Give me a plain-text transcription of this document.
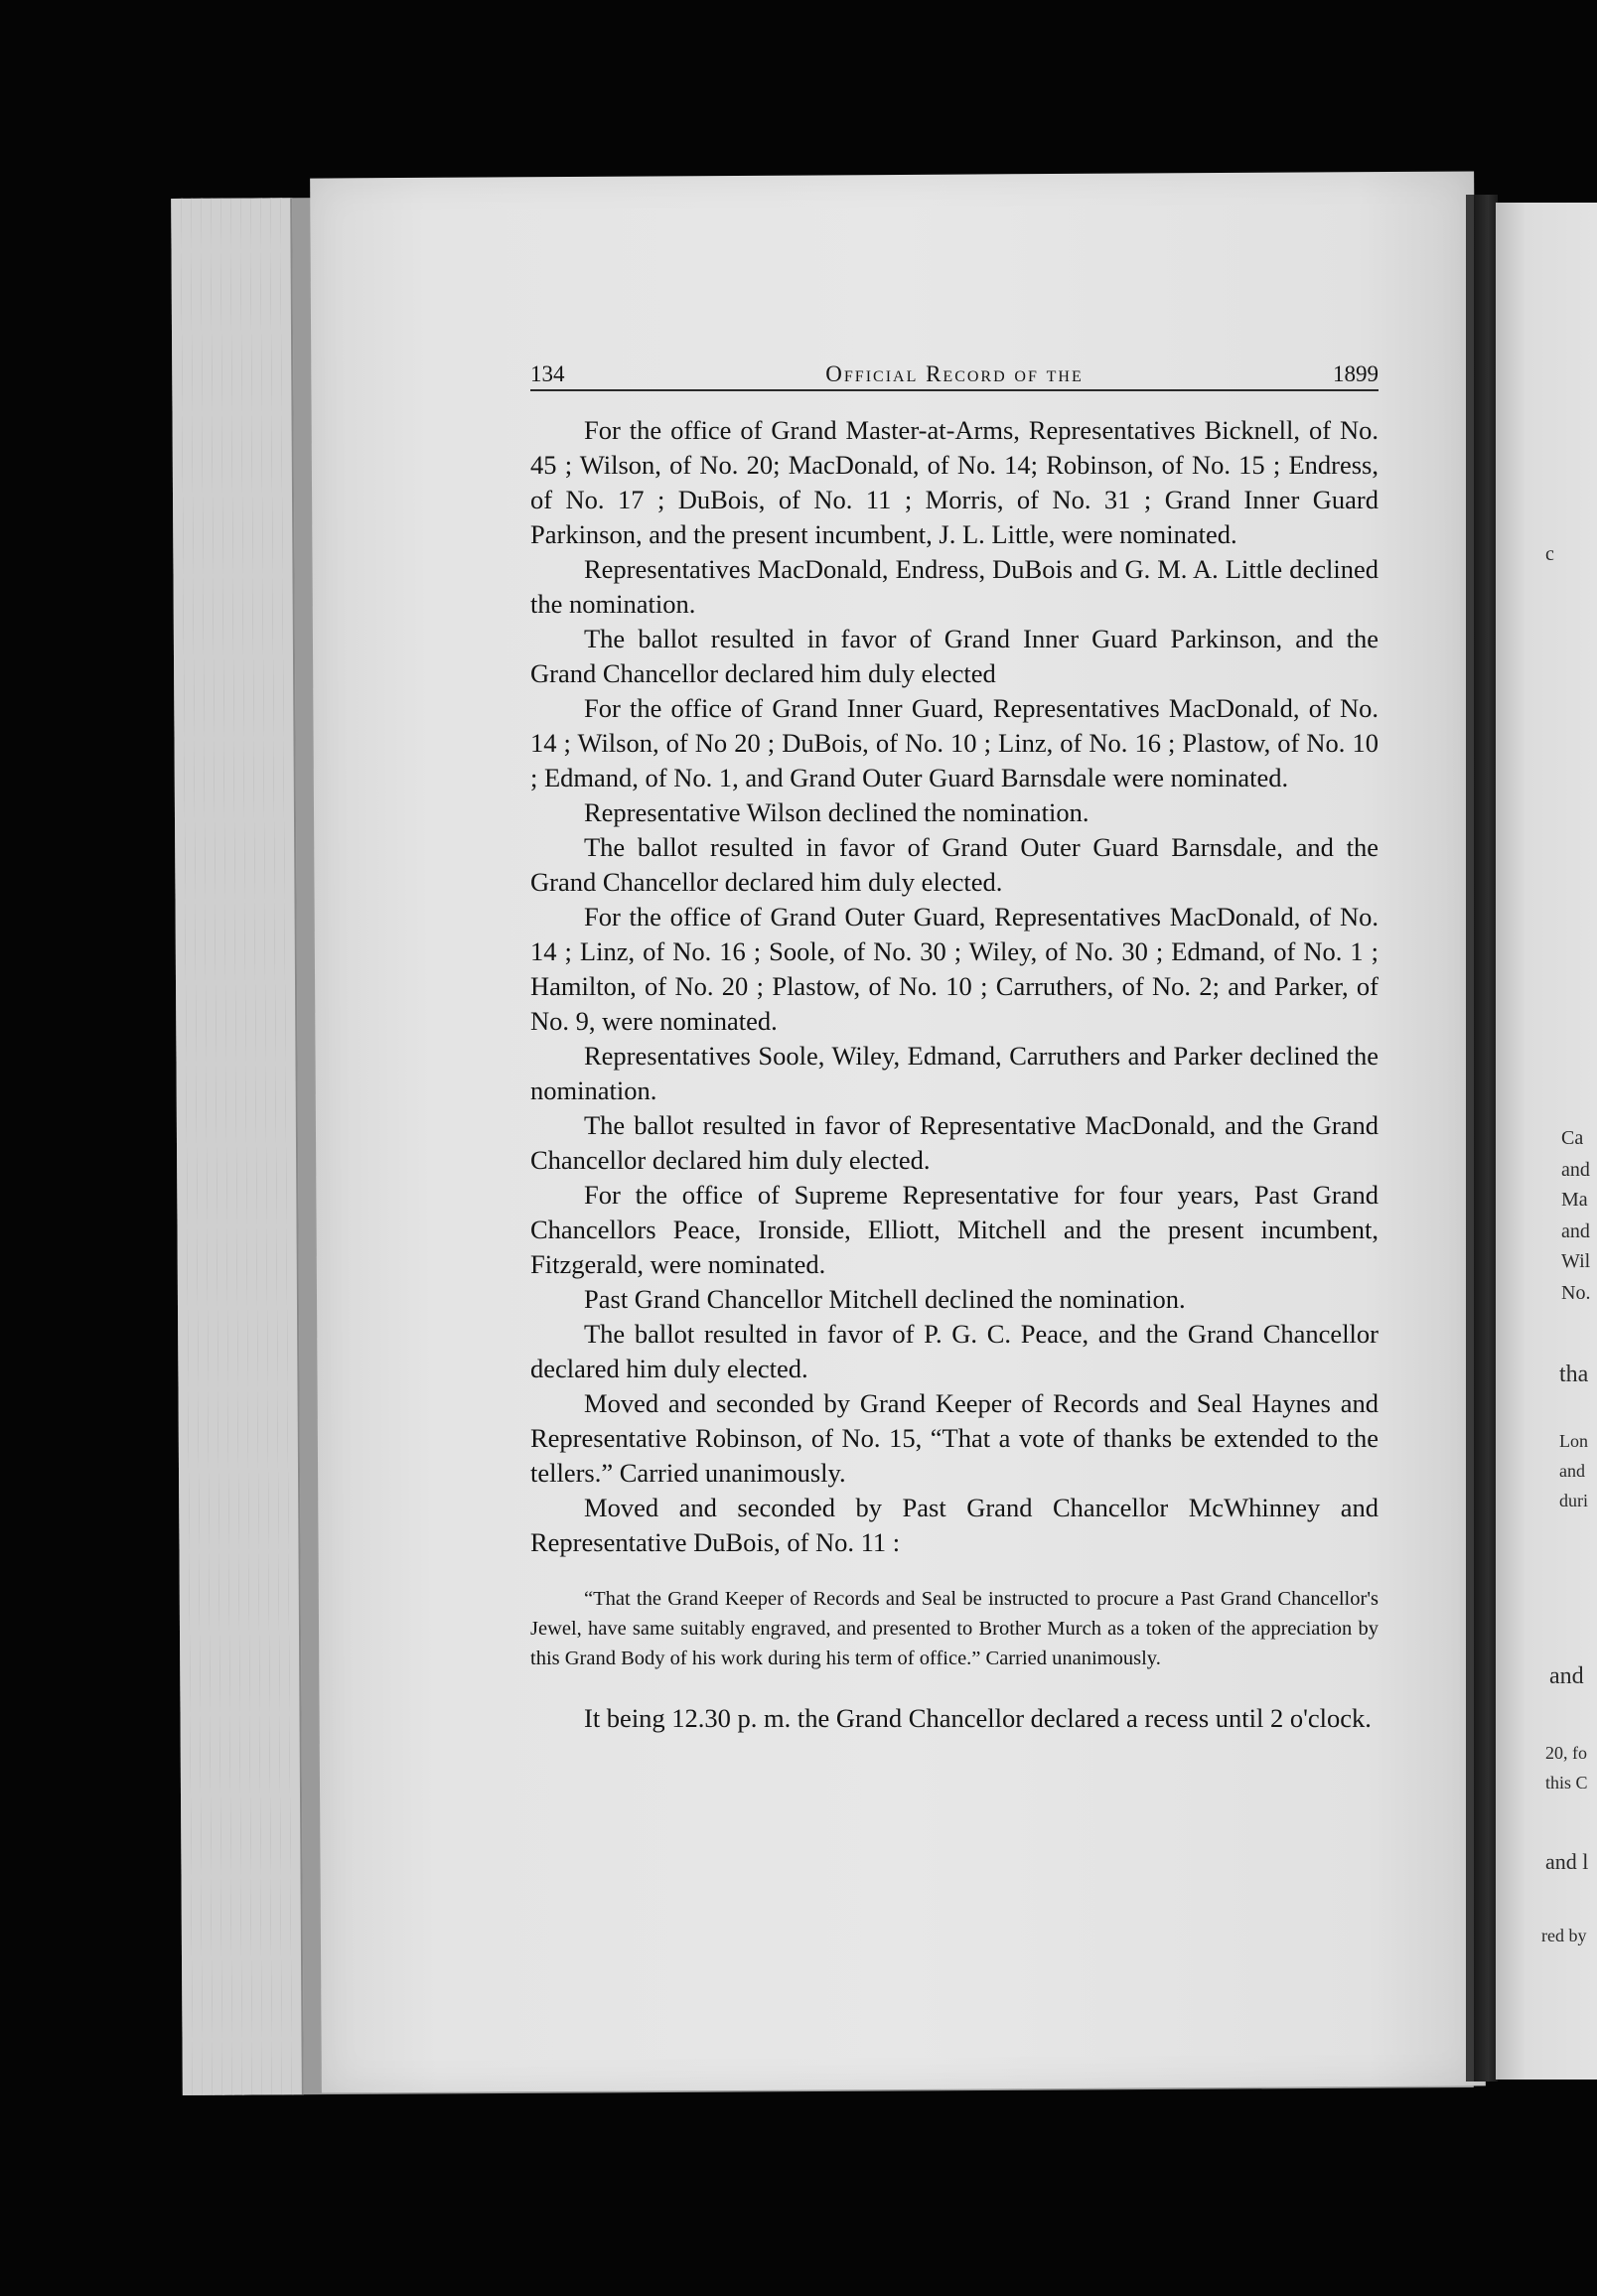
c
Ca
and
Ma
and
Wil
No.
tha
Lon
and
duri
and
20, fo
this C
and l
red by
134	Official Record of the	1899

For the office of Grand Master-at-Arms, Representatives Bicknell, of No. 45 ; Wilson, of No. 20; MacDonald, of No. 14; Robinson, of No. 15 ; Endress, of No. 17 ; DuBois, of No. 11 ; Morris, of No. 31 ; Grand Inner Guard Parkinson, and the present incumbent, J. L. Little, were nominated.

Representatives MacDonald, Endress, DuBois and G. M. A. Little declined the nomination.

The ballot resulted in favor of Grand Inner Guard Parkinson, and the Grand Chancellor declared him duly elected

For the office of Grand Inner Guard, Representatives MacDonald, of No. 14 ; Wilson, of No 20 ; DuBois, of No. 10 ; Linz, of No. 16 ; Plastow, of No. 10 ; Edmand, of No. 1, and Grand Outer Guard Barnsdale were nominated.

Representative Wilson declined the nomination.

The ballot resulted in favor of Grand Outer Guard Barnsdale, and the Grand Chancellor declared him duly elected.

For the office of Grand Outer Guard, Representatives MacDonald, of No. 14 ; Linz, of No. 16 ; Soole, of No. 30 ; Wiley, of No. 30 ; Edmand, of No. 1 ; Hamilton, of No. 20 ; Plastow, of No. 10 ; Carruthers, of No. 2; and Parker, of No. 9, were nominated.

Representatives Soole, Wiley, Edmand, Carruthers and Parker declined the nomination.

The ballot resulted in favor of Representative MacDonald, and the Grand Chancellor declared him duly elected.

For the office of Supreme Representative for four years, Past Grand Chancellors Peace, Ironside, Elliott, Mitchell and the present incumbent, Fitzgerald, were nominated.

Past Grand Chancellor Mitchell declined the nomination.

The ballot resulted in favor of P. G. C. Peace, and the Grand Chancellor declared him duly elected.

Moved and seconded by Grand Keeper of Records and Seal Haynes and Representative Robinson, of No. 15, “That a vote of thanks be extended to the tellers.” Carried unanimously.

Moved and seconded by Past Grand Chancellor McWhinney and Representative DuBois, of No. 11 :

“That the Grand Keeper of Records and Seal be instructed to procure a Past Grand Chancellor's Jewel, have same suitably engraved, and presented to Brother Murch as a token of the appreciation by this Grand Body of his work during his term of office.” Carried unanimously.

It being 12.30 p. m. the Grand Chancellor declared a recess until 2 o'clock.
